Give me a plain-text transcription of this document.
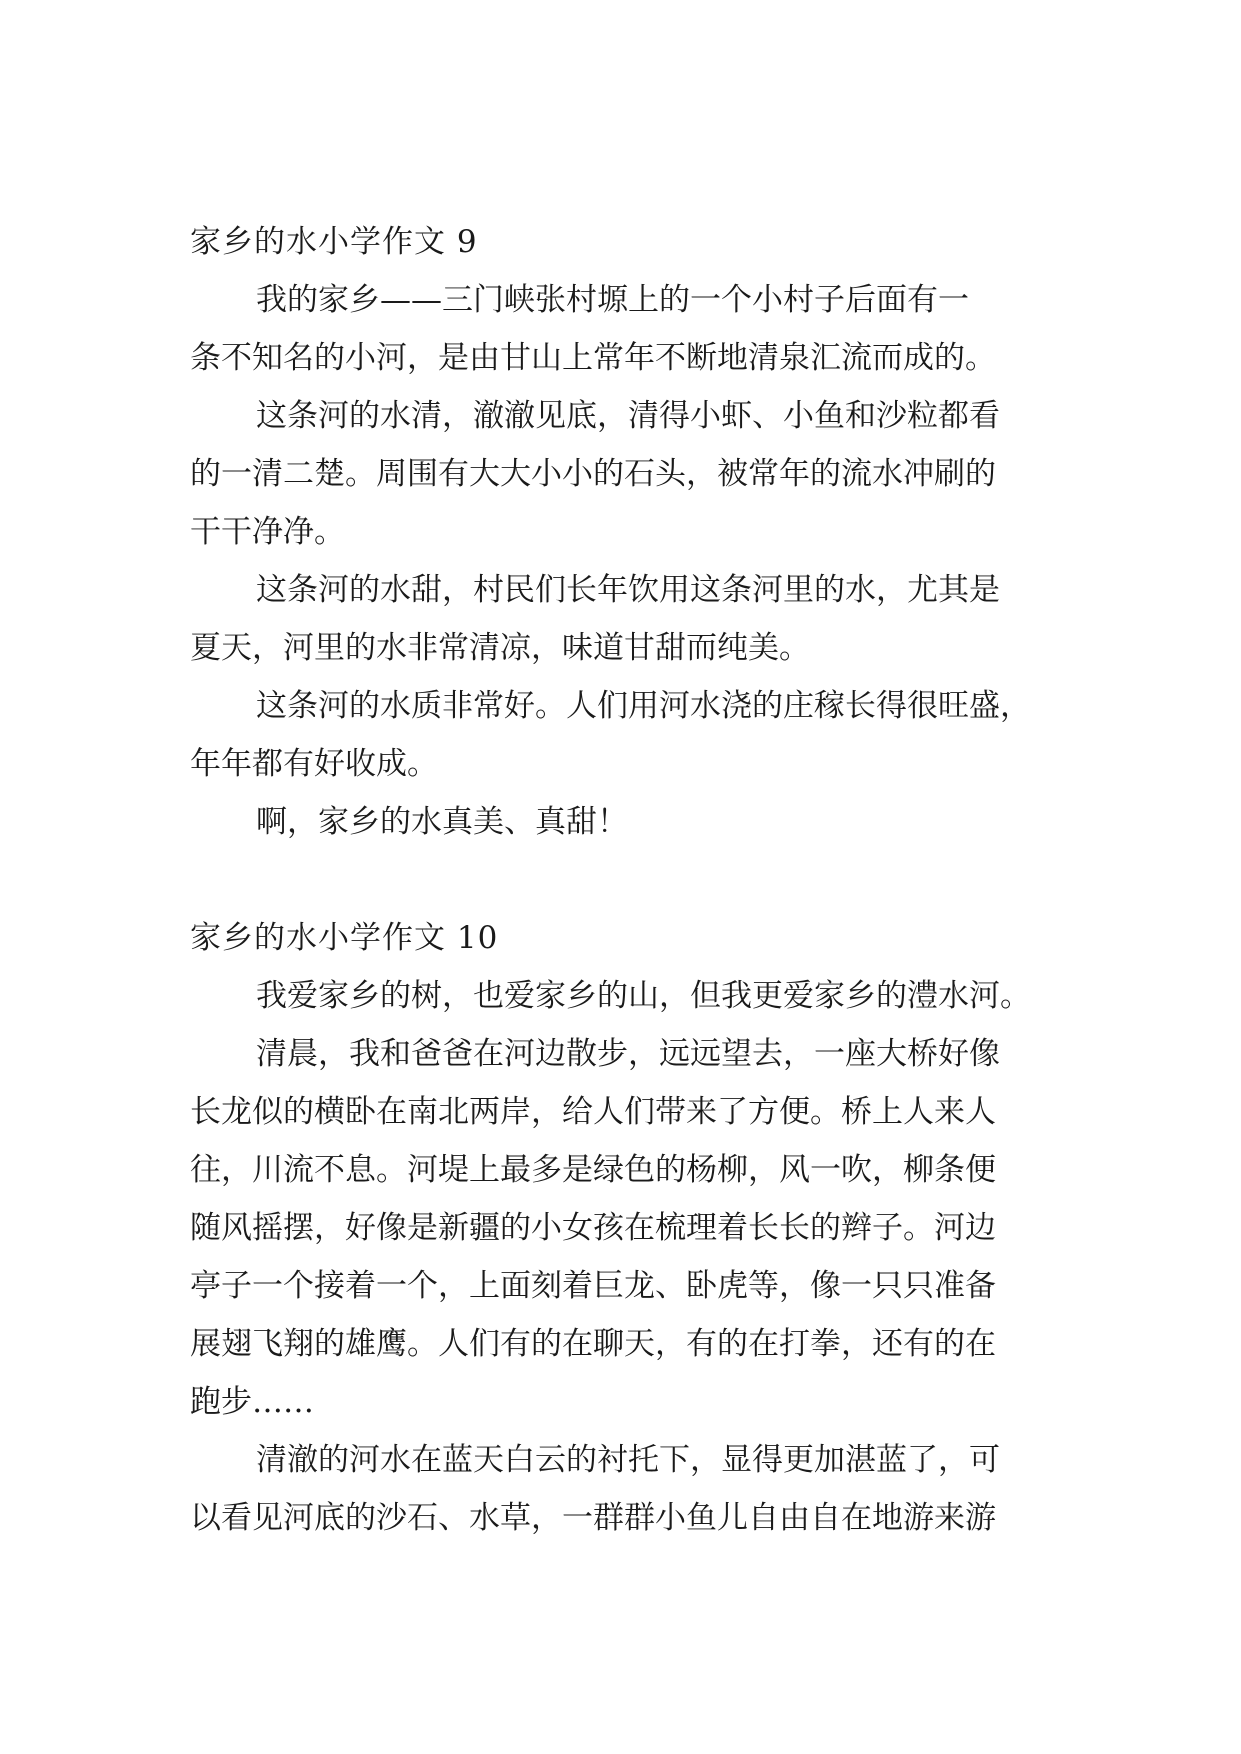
家乡的水小学作文 9

我的家乡——三门峡张村塬上的一个小村子后面有一

条不知名的小河，是由甘山上常年不断地清泉汇流而成的。

这条河的水清，澈澈见底，清得小虾、小鱼和沙粒都看

的一清二楚。周围有大大小小的石头，被常年的流水冲刷的

干干净净。

这条河的水甜，村民们长年饮用这条河里的水，尤其是

夏天，河里的水非常清凉，味道甘甜而纯美。

这条河的水质非常好。人们用河水浇的庄稼长得很旺盛，

年年都有好收成。

啊，家乡的水真美、真甜！

家乡的水小学作文 10

我爱家乡的树，也爱家乡的山，但我更爱家乡的澧水河。

清晨，我和爸爸在河边散步，远远望去，一座大桥好像

长龙似的横卧在南北两岸，给人们带来了方便。桥上人来人

往，川流不息。河堤上最多是绿色的杨柳，风一吹，柳条便

随风摇摆，好像是新疆的小女孩在梳理着长长的辫子。河边

亭子一个接着一个，上面刻着巨龙、卧虎等，像一只只准备

展翅飞翔的雄鹰。人们有的在聊天，有的在打拳，还有的在

跑步……

清澈的河水在蓝天白云的衬托下，显得更加湛蓝了，可

以看见河底的沙石、水草，一群群小鱼儿自由自在地游来游
